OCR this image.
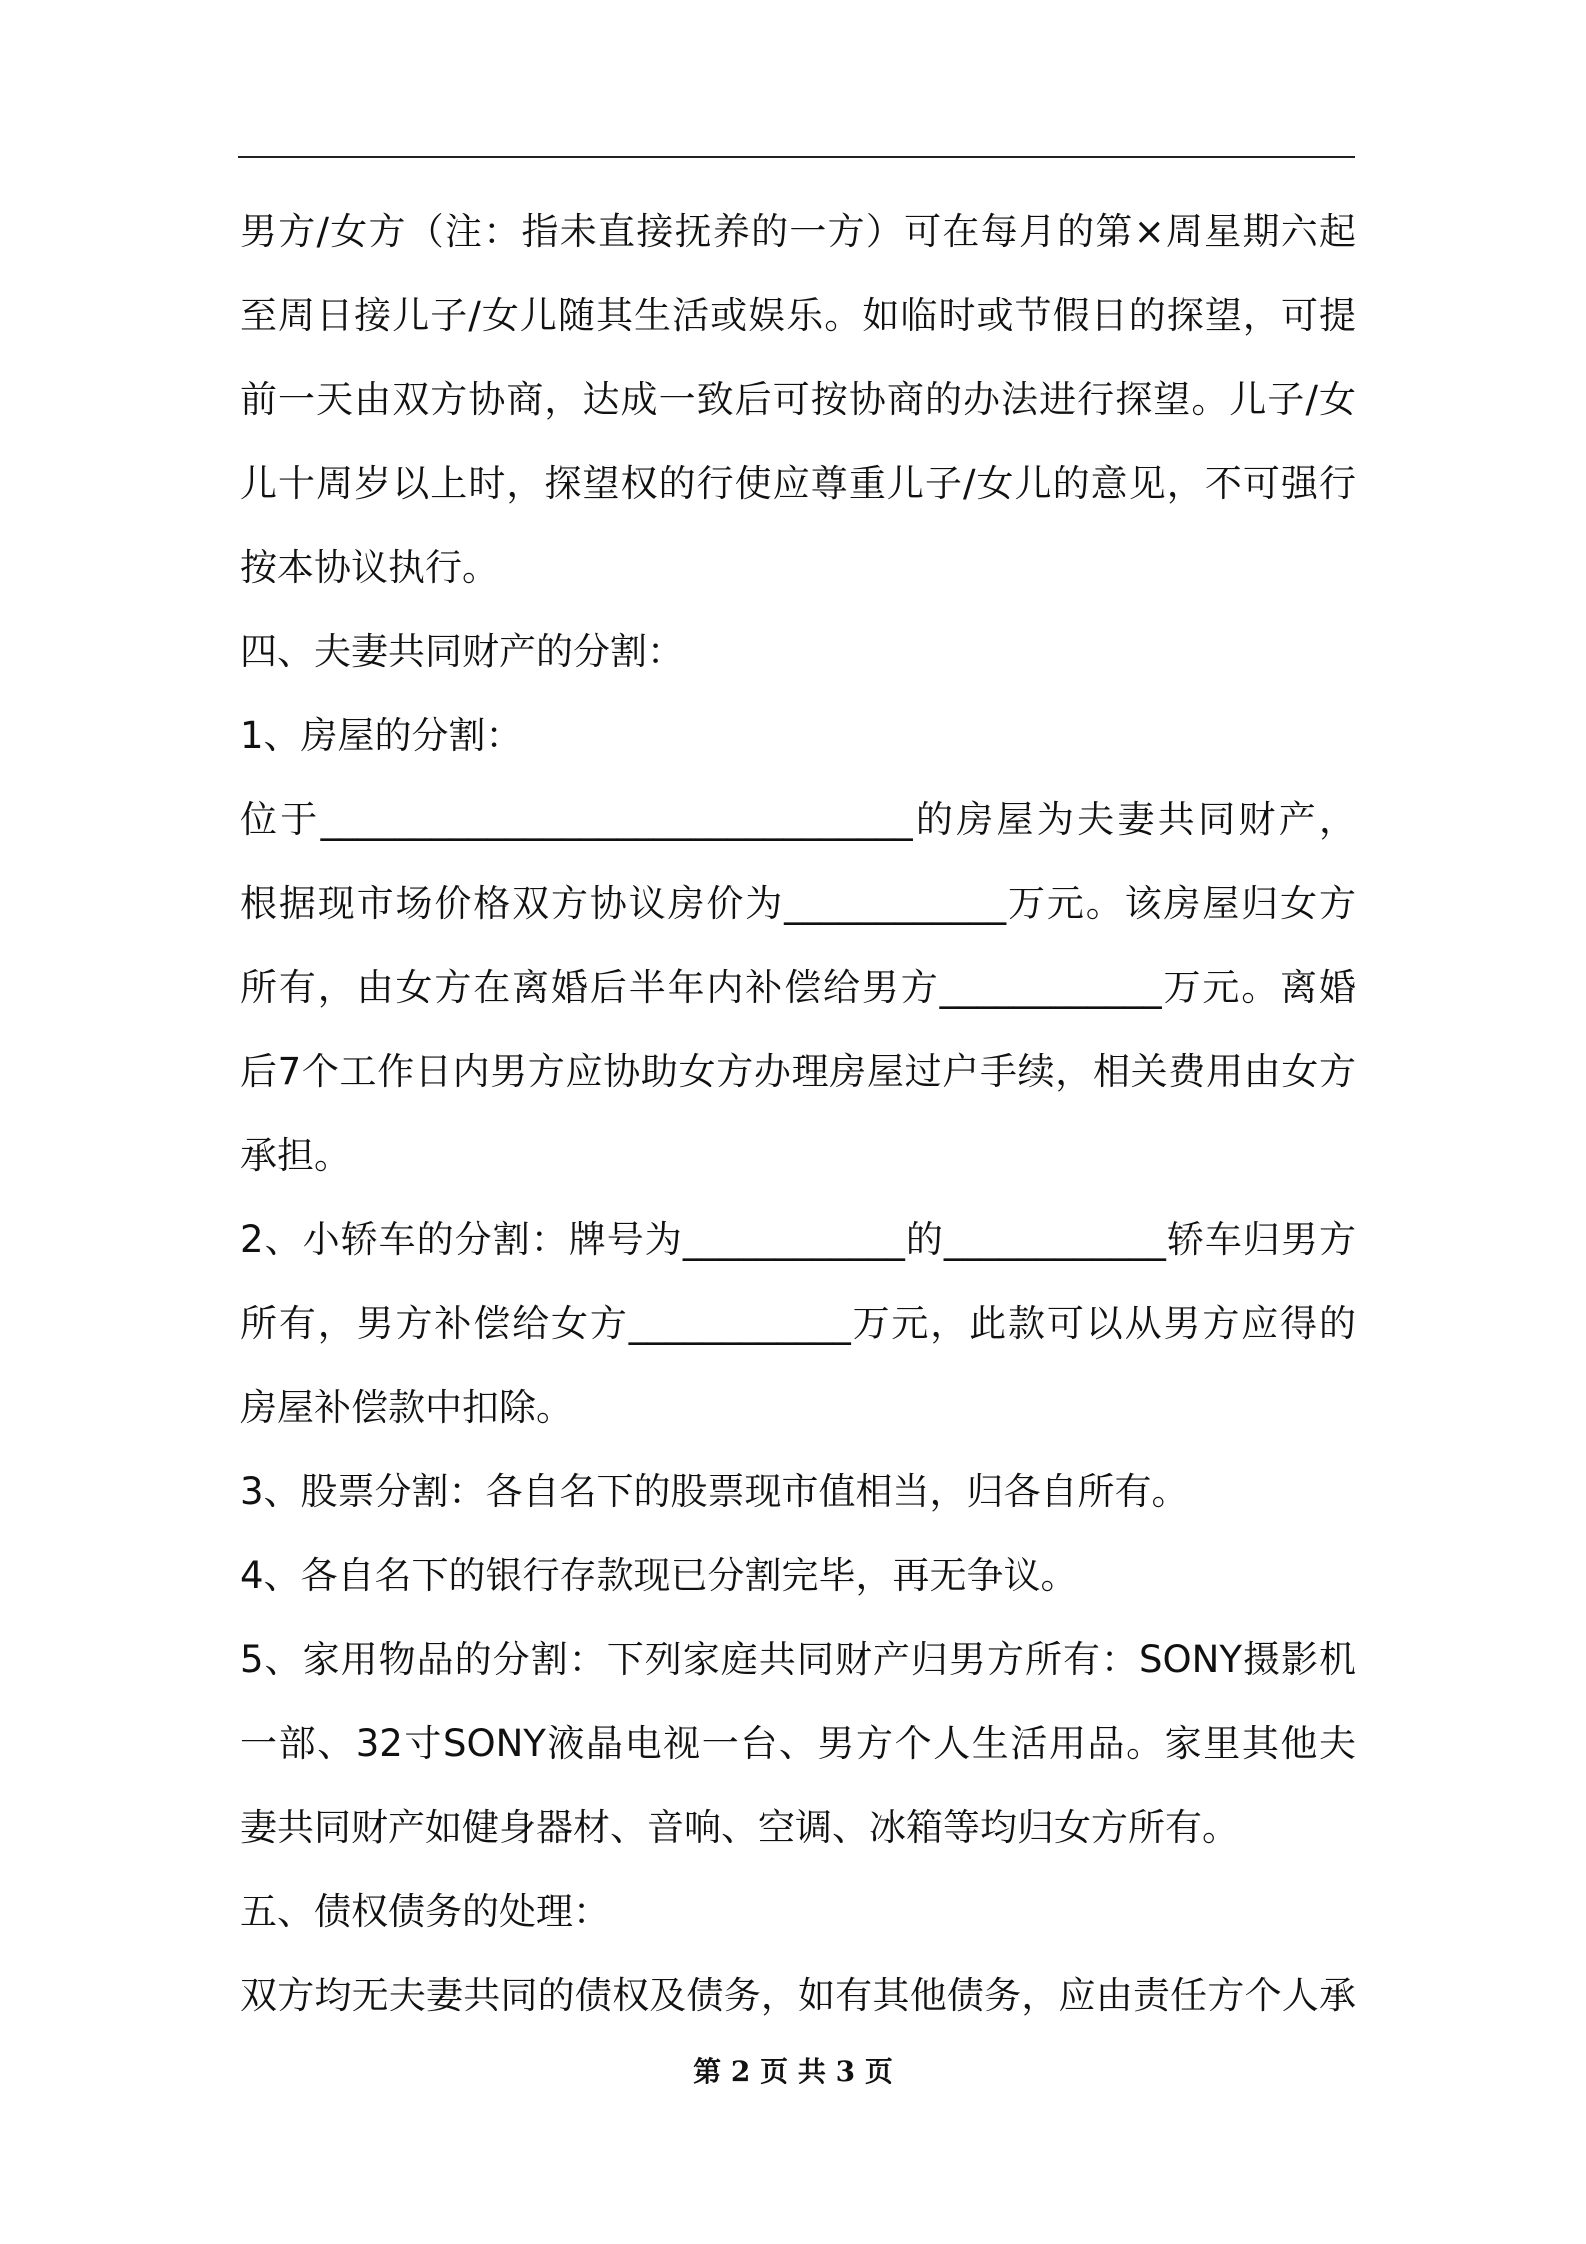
男方/女方（注：指未直接抚养的一方）可在每月的第×周星期六起
至周日接儿子/女儿随其生活或娱乐。如临时或节假日的探望，可提
前一天由双方协商，达成一致后可按协商的办法进行探望。儿子/女
儿十周岁以上时，探望权的行使应尊重儿子/女儿的意见，不可强行
按本协议执行。
四、夫妻共同财产的分割：
1、房屋的分割：
位于________________________________的房屋为夫妻共同财产，
根据现市场价格双方协议房价为____________万元。该房屋归女方
所有，由女方在离婚后半年内补偿给男方____________万元。离婚
后7个工作日内男方应协助女方办理房屋过户手续，相关费用由女方
承担。
2、小轿车的分割：牌号为____________的____________轿车归男方
所有，男方补偿给女方____________万元，此款可以从男方应得的
房屋补偿款中扣除。
3、股票分割：各自名下的股票现市值相当，归各自所有。
4、各自名下的银行存款现已分割完毕，再无争议。
5、家用物品的分割：下列家庭共同财产归男方所有：SONY摄影机
一部、32寸SONY液晶电视一台、男方个人生活用品。家里其他夫
妻共同财产如健身器材、音响、空调、冰箱等均归女方所有。
五、债权债务的处理：
双方均无夫妻共同的债权及债务，如有其他债务，应由责任方个人承
第 2 页 共 3 页
